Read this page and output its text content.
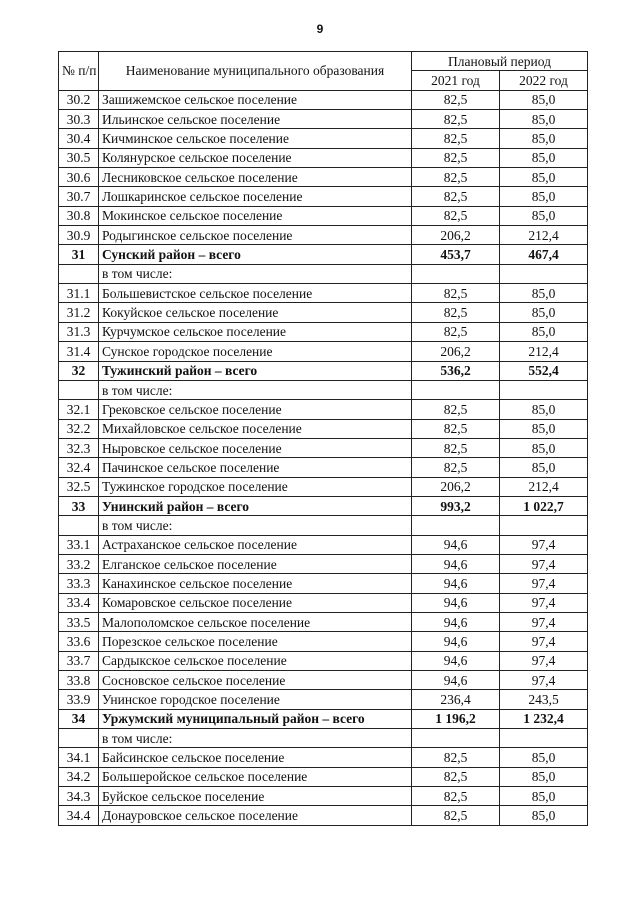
9
№ п/п	Наименование муниципального образования	Плановый период	
		2021 год	2022 год
30.2	Зашижемское сельское поселение	82,5	85,0
30.3	Ильинское сельское поселение	82,5	85,0
30.4	Кичминское сельское поселение	82,5	85,0
30.5	Колянурское сельское поселение	82,5	85,0
30.6	Лесниковское сельское поселение	82,5	85,0
30.7	Лошкаринское сельское поселение	82,5	85,0
30.8	Мокинское сельское поселение	82,5	85,0
30.9	Родыгинское сельское поселение	206,2	212,4
31	Сунский район – всего	453,7	467,4
	в том числе:		
31.1	Большевистское сельское поселение	82,5	85,0
31.2	Кокуйское сельское поселение	82,5	85,0
31.3	Курчумское сельское поселение	82,5	85,0
31.4	Сунское городское поселение	206,2	212,4
32	Тужинский район – всего	536,2	552,4
	в том числе:		
32.1	Грековское сельское поселение	82,5	85,0
32.2	Михайловское сельское поселение	82,5	85,0
32.3	Ныровское сельское поселение	82,5	85,0
32.4	Пачинское сельское поселение	82,5	85,0
32.5	Тужинское городское поселение	206,2	212,4
33	Унинский район – всего	993,2	1 022,7
	в том числе:		
33.1	Астраханское сельское поселение	94,6	97,4
33.2	Елганское сельское поселение	94,6	97,4
33.3	Канахинское сельское поселение	94,6	97,4
33.4	Комаровское сельское поселение	94,6	97,4
33.5	Малополомское сельское поселение	94,6	97,4
33.6	Порезское сельское поселение	94,6	97,4
33.7	Сардыкское сельское поселение	94,6	97,4
33.8	Сосновское сельское поселение	94,6	97,4
33.9	Унинское городское поселение	236,4	243,5
34	Уржумский муниципальный район – всего	1 196,2	1 232,4
	в том числе:		
34.1	Байсинское сельское поселение	82,5	85,0
34.2	Большеройское сельское поселение	82,5	85,0
34.3	Буйское сельское поселение	82,5	85,0
34.4	Донауровское сельское поселение	82,5	85,0
